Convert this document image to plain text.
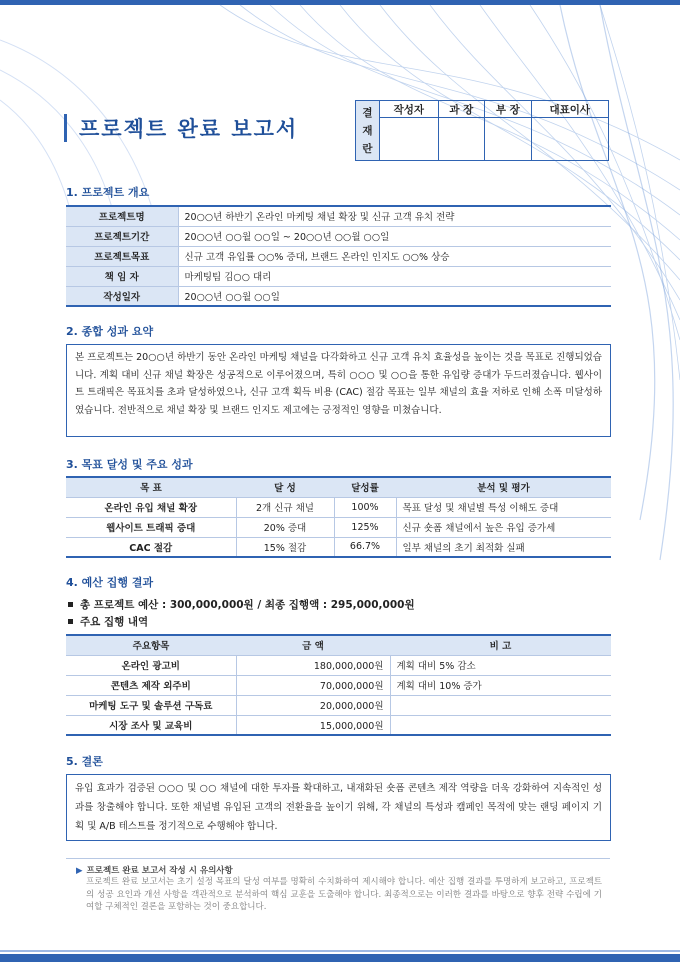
프로젝트 완료 보고서
결
재
란	작성자	과 장	부 장	대표이사

1. 프로젝트 개요
프로젝트명	20○○년 하반기 온라인 마케팅 채널 확장 및 신규 고객 유치 전략
프로젝트기간	20○○년 ○○월 ○○일 ~ 20○○년 ○○월 ○○일
프로젝트목표	신규 고객 유입률 ○○% 증대, 브랜드 온라인 인지도 ○○% 상승
책 임 자	마케팅팀 김○○ 대리
작성일자	20○○년 ○○월 ○○일
2. 종합 성과 요약
본 프로젝트는 20○○년 하반기 동안 온라인 마케팅 채널을 다각화하고 신규 고객 유치 효율성을 높이는 것을 목표로 진행되었습니다. 계획 대비 신규 채널 확장은 성공적으로 이루어졌으며, 특히 ○○○ 및 ○○을 통한 유입량 증대가 두드러졌습니다. 웹사이트 트래픽은 목표치를 초과 달성하였으나, 신규 고객 획득 비용 (CAC) 절감 목표는 일부 채널의 효율 저하로 인해 소폭 미달성하였습니다. 전반적으로 채널 확장 및 브랜드 인지도 제고에는 긍정적인 영향을 미쳤습니다.
3. 목표 달성 및 주요 성과
목 표	달 성	달성률	분석 및 평가
온라인 유입 채널 확장	2개 신규 채널	100%	목표 달성 및 채널별 특성 이해도 증대
웹사이트 트래픽 증대	20% 증대	125%	신규 숏폼 채널에서 높은 유입 증가세
CAC 절감	15% 절감	66.7%	일부 채널의 초기 최적화 실패
4. 예산 집행 결과
총 프로젝트 예산 : 300,000,000원 / 최종 집행액 : 295,000,000원
주요 집행 내역
주요항목	금 액	비 고
온라인 광고비	180,000,000원	계획 대비 5% 감소
콘텐츠 제작 외주비	70,000,000원	계획 대비 10% 증가
마케팅 도구 및 솔루션 구독료	20,000,000원	
시장 조사 및 교육비	15,000,000원	
5. 결론
유입 효과가 검증된 ○○○ 및 ○○ 채널에 대한 투자를 확대하고, 내재화된 숏폼 콘텐츠 제작 역량을 더욱 강화하여 지속적인 성과를 창출해야 합니다. 또한 채널별 유입된 고객의 전환율을 높이기 위해, 각 채널의 특성과 캠페인 목적에 맞는 랜딩 페이지 기획 및 A/B 테스트를 정기적으로 수행해야 합니다.
▶ 프로젝트 완료 보고서 작성 시 유의사항
프로젝트 완료 보고서는 초기 설정 목표의 달성 여부를 명확히 수치화하여 제시해야 합니다. 예산 집행 결과를 투명하게 보고하고, 프로젝트의 성공 요인과 개선 사항을 객관적으로 분석하여 핵심 교훈을 도출해야 합니다. 최종적으로는 이러한 결과를 바탕으로 향후 전략 수립에 기여할 구체적인 결론을 포함하는 것이 중요합니다.
